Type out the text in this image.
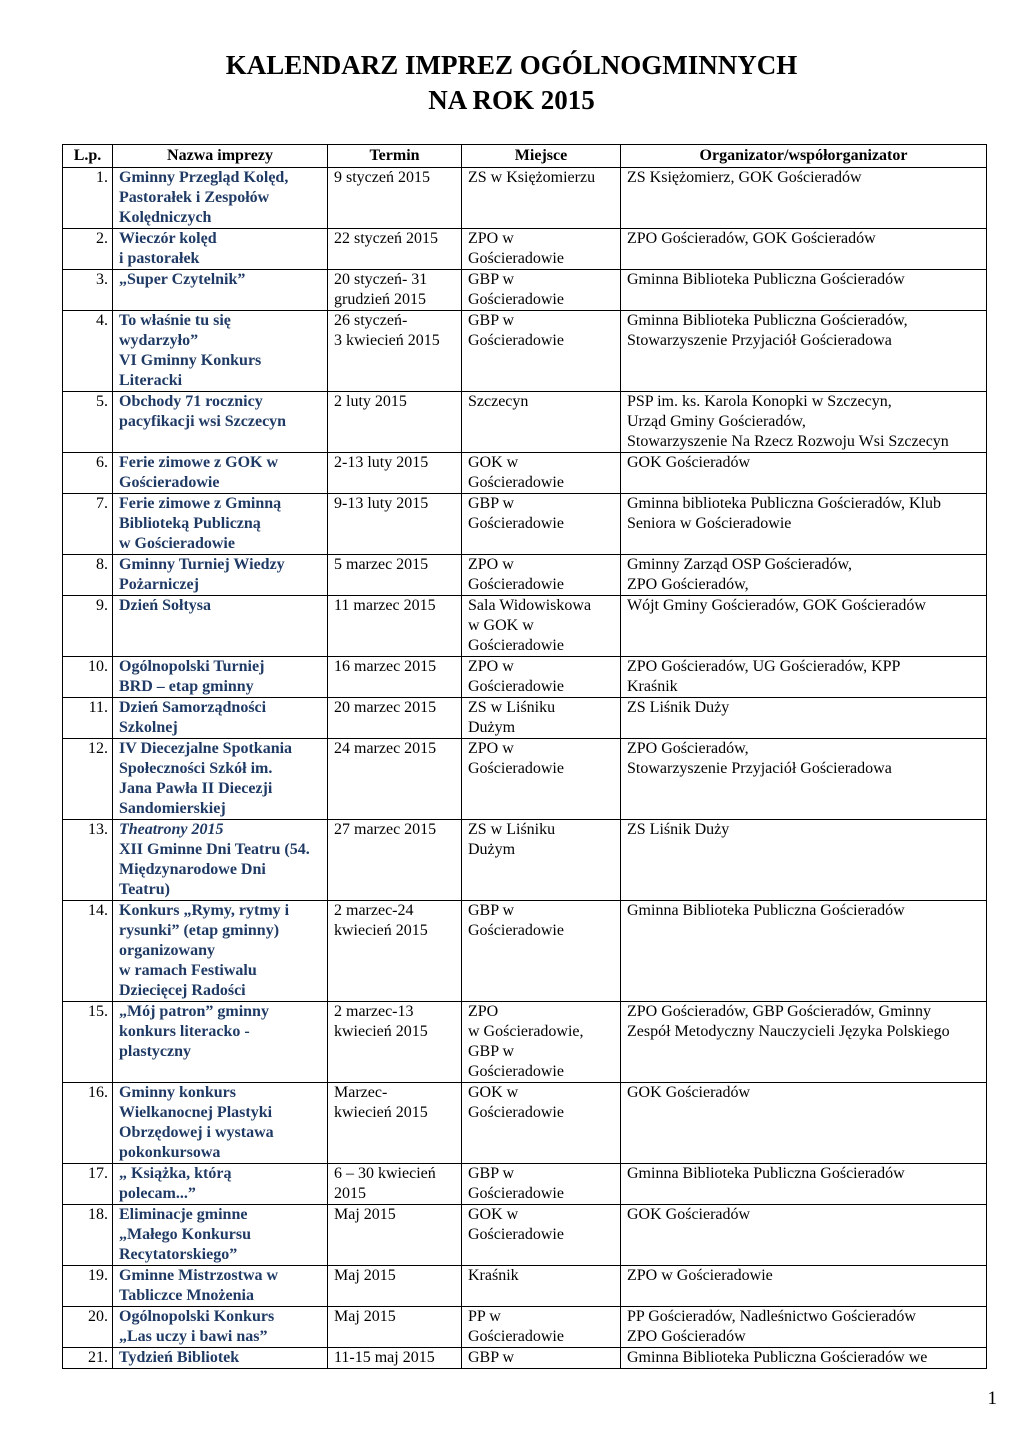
KALENDARZ IMPREZ OGÓLNOGMINNYCH
NA ROK 2015
L.p.	Nazwa imprezy	Termin	Miejsce	Organizator/współorganizator
1.	Gminny Przegląd Kolęd,
Pastorałek i Zespołów
Kolędniczych	9 styczeń 2015	ZS w Księżomierzu	ZS Księżomierz, GOK Gościeradów

2.	Wieczór kolęd
i pastorałek	22 styczeń 2015	ZPO w
Gościeradowie	ZPO Gościeradów, GOK Gościeradów

3.	„Super Czytelnik”	20 styczeń- 31
grudzień 2015	GBP w
Gościeradowie	Gminna Biblioteka Publiczna Gościeradów

4.	To właśnie tu się
wydarzyło”
VI Gminny Konkurs
Literacki	26 styczeń-
3 kwiecień 2015	GBP w
Gościeradowie	Gminna Biblioteka Publiczna Gościeradów,
Stowarzyszenie Przyjaciół Gościeradowa

5.	Obchody 71 rocznicy
pacyfikacji wsi Szczecyn	2 luty 2015	Szczecyn	PSP im. ks. Karola Konopki w Szczecyn,
Urząd Gminy Gościeradów,
Stowarzyszenie Na Rzecz Rozwoju Wsi Szczecyn

6.	Ferie zimowe z GOK w
Gościeradowie	2-13 luty 2015	GOK w
Gościeradowie	GOK Gościeradów

7.	Ferie zimowe z Gminną
Biblioteką Publiczną
w Gościeradowie	9-13 luty 2015	GBP w
Gościeradowie	Gminna biblioteka Publiczna Gościeradów, Klub
Seniora w Gościeradowie

8.	Gminny Turniej Wiedzy
Pożarniczej	5 marzec 2015	ZPO w
Gościeradowie	Gminny Zarząd OSP Gościeradów,
ZPO Gościeradów,

9.	Dzień Sołtysa	11 marzec 2015	Sala Widowiskowa
w GOK w
Gościeradowie	Wójt Gminy Gościeradów, GOK Gościeradów

10.	Ogólnopolski Turniej
BRD – etap gminny	16 marzec 2015	ZPO w
Gościeradowie	ZPO Gościeradów, UG Gościeradów, KPP
Kraśnik

11.	Dzień Samorządności
Szkolnej	20 marzec 2015	ZS w Liśniku
Dużym	ZS Liśnik Duży

12.	IV Diecezjalne Spotkania
Społeczności Szkół im.
Jana Pawła II Diecezji
Sandomierskiej	24 marzec 2015	ZPO w
Gościeradowie	ZPO Gościeradów,
Stowarzyszenie Przyjaciół Gościeradowa

13.	Theatrony 2015
XII Gminne Dni Teatru (54.
Międzynarodowe Dni
Teatru)	27 marzec 2015	ZS w Liśniku
Dużym	ZS Liśnik Duży

14.	Konkurs „Rymy, rytmy i
rysunki” (etap gminny)
organizowany
w ramach Festiwalu
Dziecięcej Radości	2 marzec-24
kwiecień 2015	GBP w
Gościeradowie	Gminna Biblioteka Publiczna Gościeradów

15.	„Mój patron” gminny
konkurs literacko -
plastyczny	2 marzec-13
kwiecień 2015	ZPO
w Gościeradowie,
GBP w
Gościeradowie	ZPO Gościeradów, GBP Gościeradów, Gminny
Zespół Metodyczny Nauczycieli Języka Polskiego

16.	Gminny konkurs
Wielkanocnej Plastyki
Obrzędowej i wystawa
pokonkursowa	Marzec-
kwiecień 2015	GOK w
Gościeradowie	GOK Gościeradów

17.	„ Książka, którą
polecam...”	6 – 30 kwiecień
2015	GBP w
Gościeradowie	Gminna Biblioteka Publiczna Gościeradów

18.	Eliminacje gminne
„Małego Konkursu
Recytatorskiego”	Maj 2015	GOK w
Gościeradowie	GOK Gościeradów

19.	Gminne Mistrzostwa w
Tabliczce Mnożenia	Maj 2015	Kraśnik	ZPO w Gościeradowie

20.	Ogólnopolski Konkurs
„Las uczy i bawi nas”	Maj 2015	PP w
Gościeradowie	PP Gościeradów, Nadleśnictwo Gościeradów
ZPO Gościeradów

21.	Tydzień Bibliotek	11-15 maj 2015	GBP w	Gminna Biblioteka Publiczna Gościeradów we
1
